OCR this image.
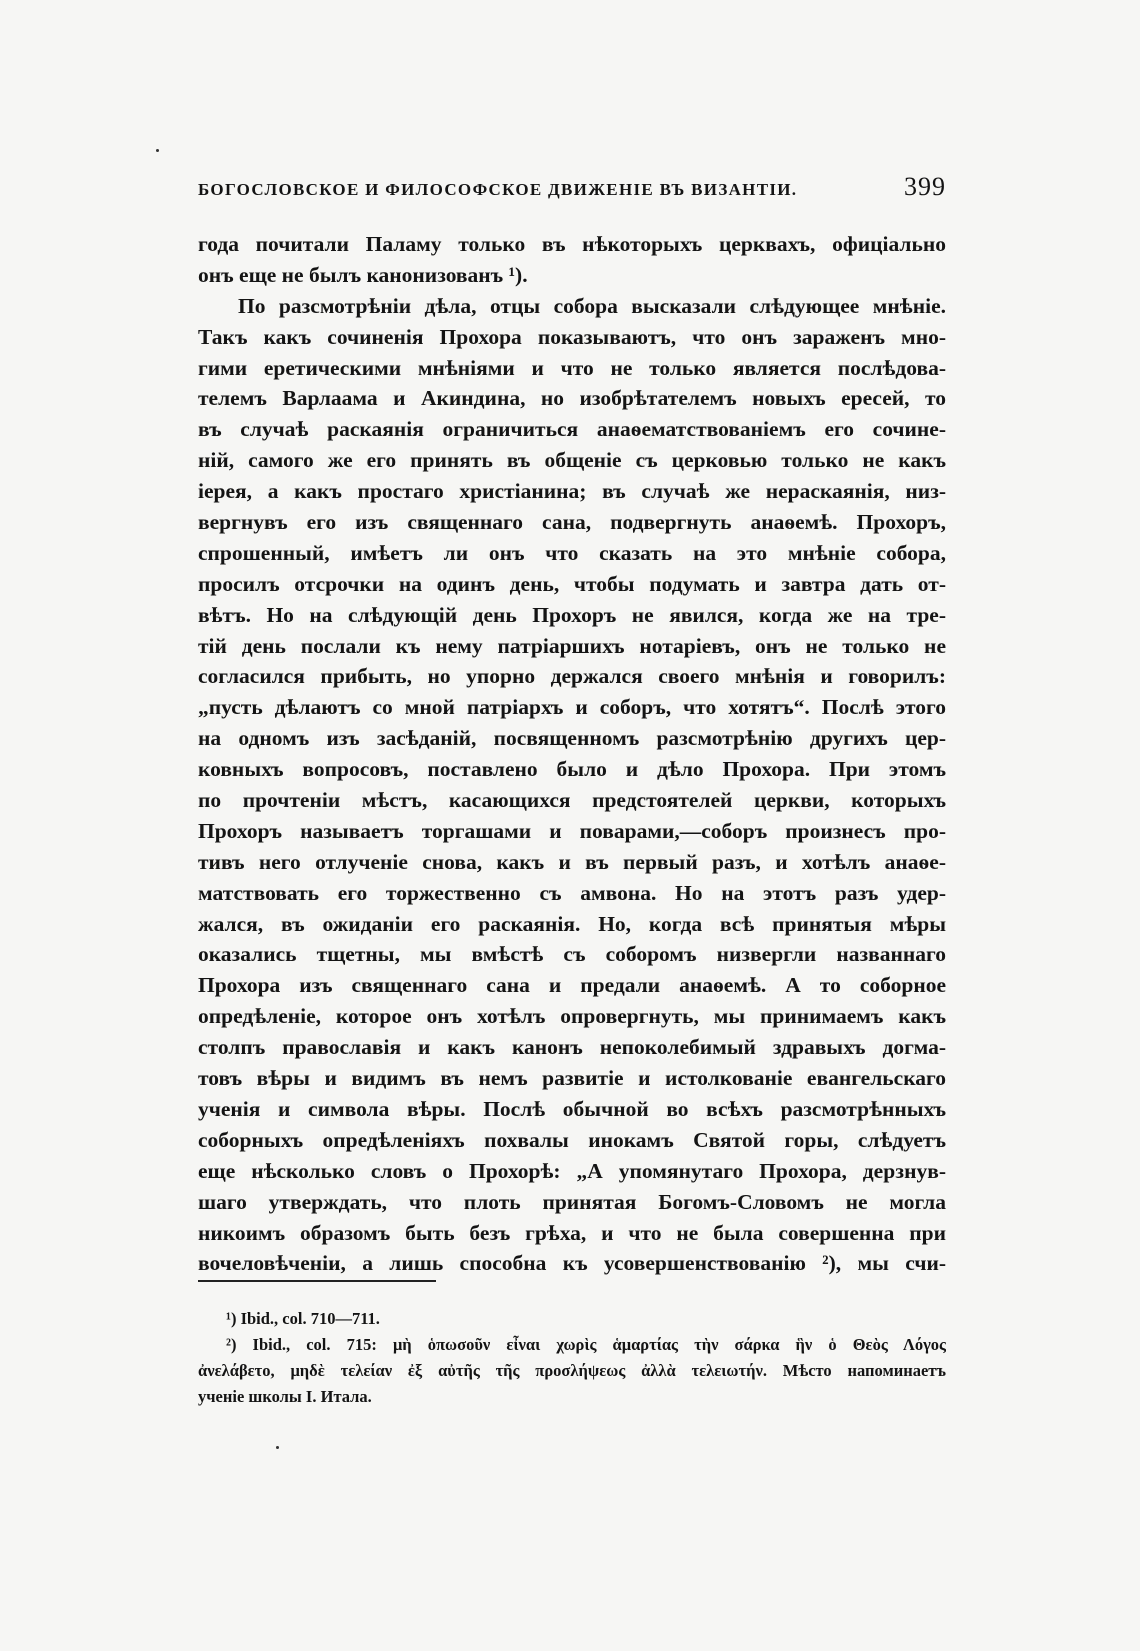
БОГОСЛОВСКОЕ И ФИЛОСОФСКОЕ ДВИЖЕНІЕ ВЪ ВИЗАНТІИ.	399
года почитали Паламу только въ нѣкоторыхъ церквахъ, офиціально
онъ еще не былъ канонизованъ ¹).
По разсмотрѣніи дѣла, отцы собора высказали слѣдующее мнѣніе.
Такъ какъ сочиненія Прохора показываютъ, что онъ зараженъ мно-
гими еретическими мнѣніями и что не только является послѣдова-
телемъ Варлаама и Акиндина, но изобрѣтателемъ новыхъ ересей, то
въ случаѣ раскаянія ограничиться анаѳематствованіемъ его сочине-
ній, самого же его принять въ общеніе съ церковью только не какъ
іерея, а какъ простаго христіанина; въ случаѣ же нераскаянія, низ-
вергнувъ его изъ священнаго сана, подвергнуть анаѳемѣ. Прохоръ,
спрошенный, имѣетъ ли онъ что сказать на это мнѣніе собора,
просилъ отсрочки на одинъ день, чтобы подумать и завтра дать от-
вѣтъ. Но на слѣдующій день Прохоръ не явился, когда же на тре-
тій день послали къ нему патріаршихъ нотаріевъ, онъ не только не
согласился прибыть, но упорно держался своего мнѣнія и говорилъ:
„пусть дѣлаютъ со мной патріархъ и соборъ, что хотятъ“. Послѣ этого
на одномъ изъ засѣданій, посвященномъ разсмотрѣнію другихъ цер-
ковныхъ вопросовъ, поставлено было и дѣло Прохора. При этомъ
по прочтеніи мѣстъ, касающихся предстоятелей церкви, которыхъ
Прохоръ называетъ торгашами и поварами,—соборъ произнесъ про-
тивъ него отлученіе снова, какъ и въ первый разъ, и хотѣлъ анаѳе-
матствовать его торжественно съ амвона. Но на этотъ разъ удер-
жался, въ ожиданіи его раскаянія. Но, когда всѣ принятыя мѣры
оказались тщетны, мы вмѣстѣ съ соборомъ низвергли названнаго
Прохора изъ священнаго сана и предали анаѳемѣ. А то соборное
опредѣленіе, которое онъ хотѣлъ опровергнуть, мы принимаемъ какъ
столпъ православія и какъ канонъ непоколебимый здравыхъ догма-
товъ вѣры и видимъ въ немъ развитіе и истолкованіе евангельскаго
ученія и символа вѣры. Послѣ обычной во всѣхъ разсмотрѣнныхъ
соборныхъ опредѣленіяхъ похвалы инокамъ Святой горы, слѣдуетъ
еще нѣсколько словъ о Прохорѣ: „А упомянутаго Прохора, дерзнув-
шаго утверждать, что плоть принятая Богомъ-Словомъ не могла
никоимъ образомъ быть безъ грѣха, и что не была совершенна при
вочеловѣченіи, а лишь способна къ усовершенствованію ²), мы счи-
¹) Ibid., col. 710—711.
²) Ibid., col. 715: μὴ ὁπωσοῦν εἶναι χωρὶς ἁμαρτίας τὴν σάρκα ἣν ὁ Θεὸς Λόγος
ἀνελάβετο, μηδὲ τελείαν ἐξ αὐτῆς τῆς προσλήψεως ἀλλὰ τελειωτήν. Мѣсто напоминаетъ
ученіе школы І. Итала.
